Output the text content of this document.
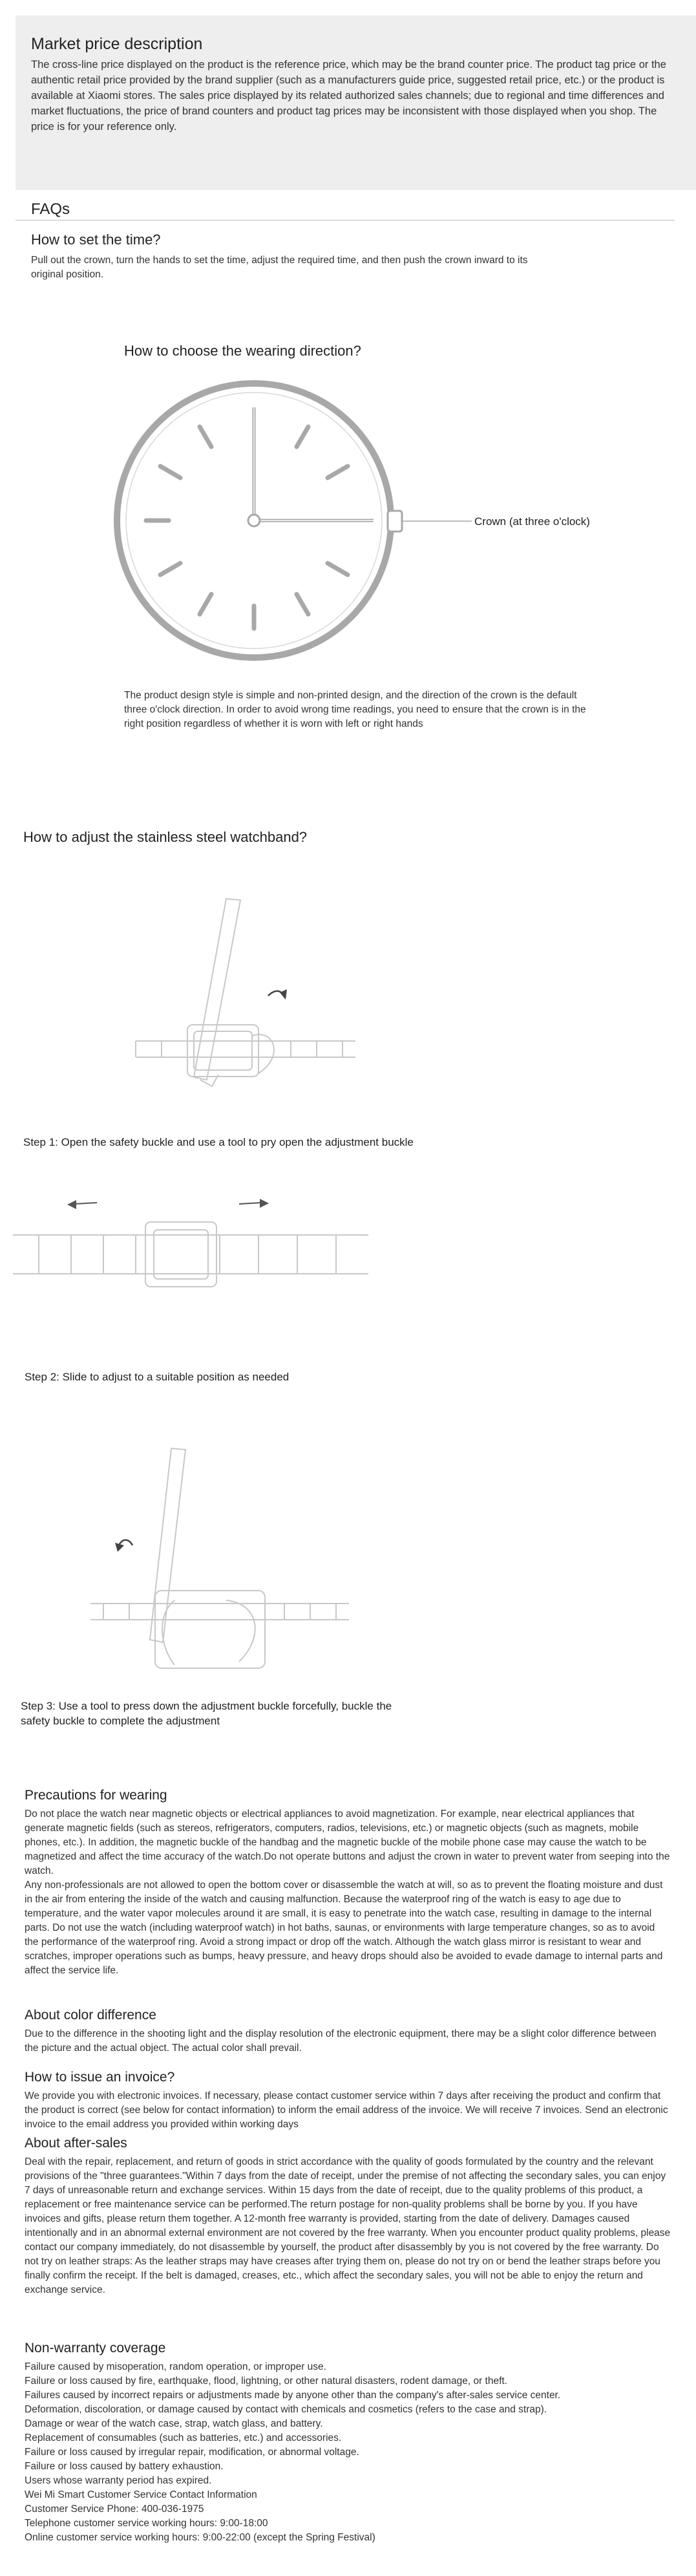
Market price description

The cross-line price displayed on the product is the reference price, which may be the brand counter price. The product tag price or the authentic retail price provided by the brand supplier (such as a manufacturers guide price, suggested retail price, etc.) or the product is available at Xiaomi stores. The sales price displayed by its related authorized sales channels; due to regional and time differences and market fluctuations, the price of brand counters and product tag prices may be inconsistent with those displayed when you shop. The price is for your reference only.

FAQs
How to set the time?

Pull out the crown, turn the hands to set the time, adjust the required time, and then push the crown inward to its original position.

How to choose the wearing direction?
Crown (at three o'clock)

The product design style is simple and non-printed design, and the direction of the crown is the default three o'clock direction. In order to avoid wrong time readings, you need to ensure that the crown is in the right position regardless of whether it is worn with left or right hands

How to adjust the stainless steel watchband?
Step 1: Open the safety buckle and use a tool to pry open the adjustment buckle
Step 2: Slide to adjust to a suitable position as needed
Step 3: Use a tool to press down the adjustment buckle forcefully, buckle the
safety buckle to complete the adjustment
Precautions for wearing

Do not place the watch near magnetic objects or electrical appliances to avoid magnetization. For example, near electrical appliances that generate magnetic fields (such as stereos, refrigerators, computers, radios, televisions, etc.) or magnetic objects (such as magnets, mobile phones, etc.). In addition, the magnetic buckle of the handbag and the magnetic buckle of the mobile phone case may cause the watch to be magnetized and affect the time accuracy of the watch.Do not operate buttons and adjust the crown in water to prevent water from seeping into the watch.
Any non-professionals are not allowed to open the bottom cover or disassemble the watch at will, so as to prevent the floating moisture and dust in the air from entering the inside of the watch and causing malfunction. Because the waterproof ring of the watch is easy to age due to temperature, and the water vapor molecules around it are small, it is easy to penetrate into the watch case, resulting in damage to the internal parts. Do not use the watch (including waterproof watch) in hot baths, saunas, or environments with large temperature changes, so as to avoid the performance of the waterproof ring. Avoid a strong impact or drop off the watch. Although the watch glass mirror is resistant to wear and scratches, improper operations such as bumps, heavy pressure, and heavy drops should also be avoided to evade damage to internal parts and affect the service life.

About color difference

Due to the difference in the shooting light and the display resolution of the electronic equipment, there may be a slight color difference between the picture and the actual object. The actual color shall prevail.

How to issue an invoice?

We provide you with electronic invoices. If necessary, please contact customer service within 7 days after receiving the product and confirm that the product is correct (see below for contact information) to inform the email address of the invoice. We will receive 7 invoices. Send an electronic invoice to the email address you provided within working days

About after-sales

Deal with the repair, replacement, and return of goods in strict accordance with the quality of goods formulated by the country and the relevant provisions of the "three guarantees."Within 7 days from the date of receipt, under the premise of not affecting the secondary sales, you can enjoy 7 days of unreasonable return and exchange services. Within 15 days from the date of receipt, due to the quality problems of this product, a replacement or free maintenance service can be performed.The return postage for non-quality problems shall be borne by you. If you have invoices and gifts, please return them together. A 12-month free warranty is provided, starting from the date of delivery. Damages caused intentionally and in an abnormal external environment are not covered by the free warranty. When you encounter product quality problems, please contact our company immediately, do not disassemble by yourself, the product after disassembly by you is not covered by the free warranty. Do not try on leather straps: As the leather straps may have creases after trying them on, please do not try on or bend the leather straps before you finally confirm the receipt. If the belt is damaged, creases, etc., which affect the secondary sales, you will not be able to enjoy the return and exchange service.

Non-warranty coverage
Failure caused by misoperation, random operation, or improper use.
Failure or loss caused by fire, earthquake, flood, lightning, or other natural disasters, rodent damage, or theft.
Failures caused by incorrect repairs or adjustments made by anyone other than the company's after-sales service center.
Deformation, discoloration, or damage caused by contact with chemicals and cosmetics (refers to the case and strap).
Damage or wear of the watch case, strap, watch glass, and battery.
Replacement of consumables (such as batteries, etc.) and accessories.
Failure or loss caused by irregular repair, modification, or abnormal voltage.
Failure or loss caused by battery exhaustion.
Users whose warranty period has expired.
Wei Mi Smart Customer Service Contact Information
Customer Service Phone: 400-036-1975
Telephone customer service working hours: 9:00-18:00
Online customer service working hours: 9:00-22:00 (except the Spring Festival)
